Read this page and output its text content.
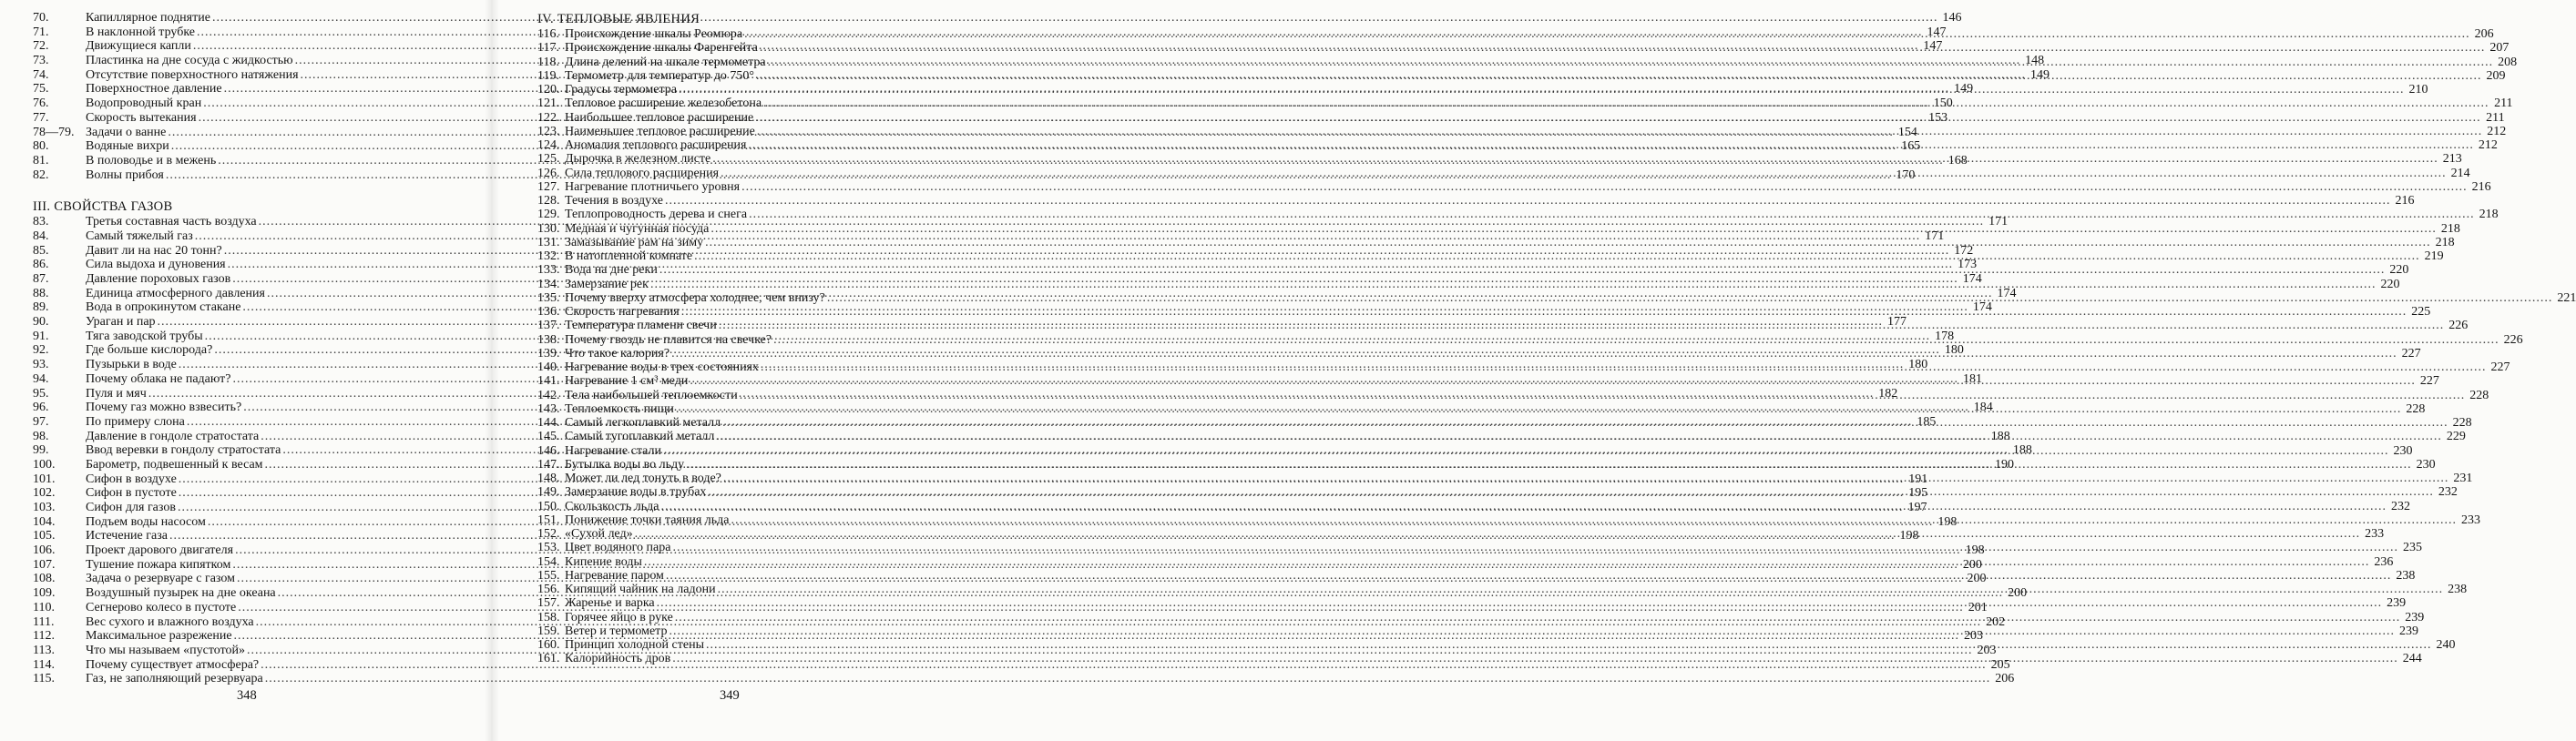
70.	Капиллярное поднятие .....	146
71.	В наклонной трубке .....	147
72.	Движущиеся капли .....	147
73.	Пластинка на дне сосуда с жидкостью .....	148
74.	Отсутствие поверхностного натяжения .....	149
75.	Поверхностное давление .....	149
76.	Водопроводный кран .....	150
77.	Скорость вытекания .....	153
78—79. Задачи о ванне .....	154
80.	Водяные вихри .....	165
81.	В половодье и в межень .....	168
82.	Волны прибоя .....	170
III. СВОЙСТВА ГАЗОВ
83.	Третья составная часть воздуха .....	171
84.	Самый тяжелый газ .....	171
85.	Давит ли на нас 20 тонн? .....	172
86.	Сила выдоха и дуновения .....	173
87.	Давление пороховых газов .....	174
88.	Единица атмосферного давления .....	174
89.	Вода в опрокинутом стакане .....	174
90.	Ураган и пар .....	177
91.	Тяга заводской трубы .....	178
92.	Где больше кислорода? .....	180
93.	Пузырьки в воде .....	180
94.	Почему облака не падают? .....	181
95.	Пуля и мяч .....	182
96.	Почему газ можно взвесить? .....	184
97.	По примеру слона .....	185
98.	Давление в гондоле стратостата .....	188
99.	Ввод веревки в гондолу стратостата .....	188
100.	Барометр, подвешенный к весам .....	190
101.	Сифон в воздухе .....	191
102.	Сифон в пустоте .....	195
103.	Сифон для газов .....	197
104.	Подъем воды насосом .....	198
105.	Истечение газа .....	198
106.	Проект дарового двигателя .....	198
107.	Тушение пожара кипятком .....	200
108.	Задача о резервуаре с газом .....	200
109.	Воздушный пузырек на дне океана .....	200
110.	Сегнерово колесо в пустоте .....	201
111.	Вес сухого и влажного воздуха .....	202
112.	Максимальное разрежение .....	203
113.	Что мы называем «пустотой» .....	203
114.	Почему существует атмосфера? .....	205
115.	Газ, не заполняющий резервуара .....	206
348
IV. ТЕПЛОВЫЕ ЯВЛЕНИЯ
116. Происхождение шкалы Реомюра .....	206
117. Происхождение шкалы Фаренгейта .....	207
118. Длина делений на шкале термометра .....	208
119. Термометр для температур до 750° .....	209
120. Градусы термометра .....	210
121. Тепловое расширение железобетона .....	211
122. Наибольшее тепловое расширение .....	211
123. Наименьшее тепловое расширение .....	212
124. Аномалия теплового расширения .....	212
125. Дырочка в железном листе .....	213
126. Сила теплового расширения .....	214
127. Нагревание плотничьего уровня .....	216
128. Течения в воздухе .....	216
129. Теплопроводность дерева и снега .....	218
130. Медная и чугунная посуда .....	218
131. Замазывание рам на зиму .....	218
132. В натопленной комнате .....	219
133. Вода на дне реки .....	220
134. Замерзание рек .....	220
135. Почему вверху атмосфера холоднее, чем внизу? .....	221
136. Скорость нагревания .....	225
137. Температура пламени свечи .....	226
138. Почему гвоздь не плавится на свечке? .....	226
139. Что такое калория? .....	227
140. Нагревание воды в трех состояниях .....	227
141. Нагревание 1 см³ меди .....	227
142. Тела наибольшей теплоемкости .....	228
143. Теплоемкость пищи .....	228
144. Самый легкоплавкий металл .....	228
145. Самый тугоплавкий металл .....	229
146. Нагревание стали .....	230
147. Бутылка воды во льду .....	230
148. Может ли лед тонуть в воде? .....	231
149. Замерзание воды в трубах .....	232
150. Скользкость льда .....	232
151. Понижение точки таяния льда .....	233
152. «Сухой лед» .....	233
153. Цвет водяного пара .....	235
154. Кипение воды .....	236
155. Нагревание паром .....	238
156. Кипящий чайник на ладони .....	238
157. Жаренье и варка .....	239
158. Горячее яйцо в руке .....	239
159. Ветер и термометр .....	239
160. Принцип холодной стены .....	240
161. Калорийность дров .....	244
349
